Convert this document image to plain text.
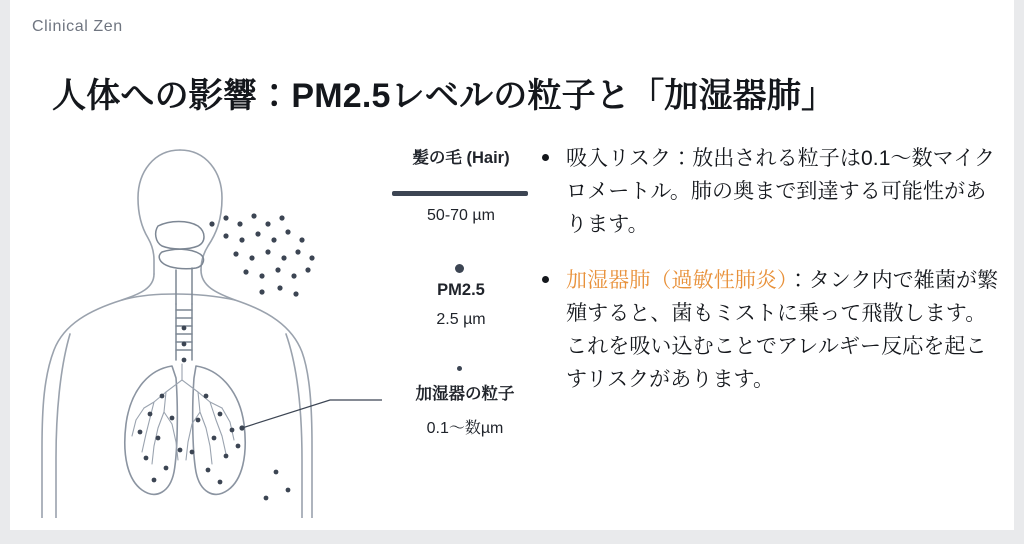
Clinical Zen
人体への影響：PM2.5レベルの粒子と「加湿器肺」
髪の毛 (Hair)
50-70 µm
PM2.5
2.5 µm
加湿器の粒子
0.1〜数µm
吸入リスク：放出される粒子は0.1〜数マイクロメートル。肺の奥まで到達する可能性があります。
加湿器肺（過敏性肺炎）：タンク内で雑菌が繁殖すると、菌もミストに乗って飛散します。これを吸い込むことでアレルギー反応を起こすリスクがあります。
